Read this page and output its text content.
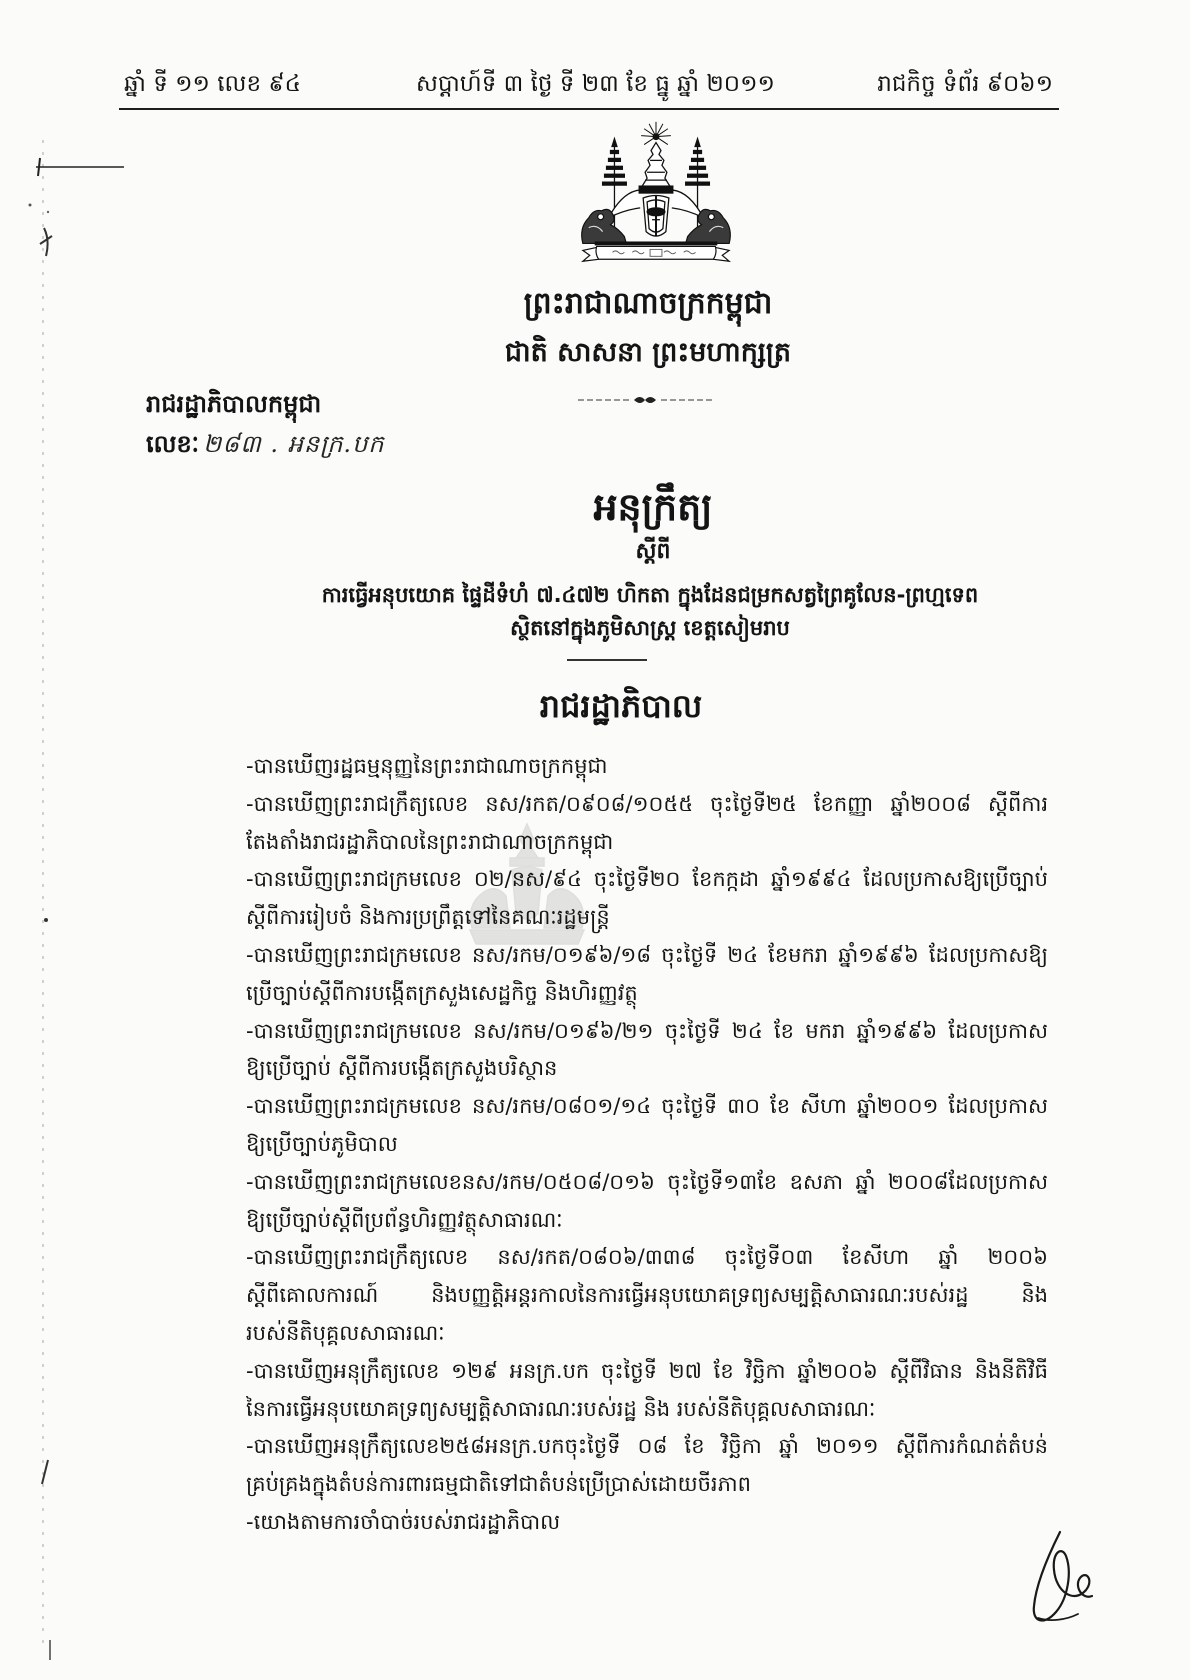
ឆ្នាំ ទី ១១ លេខ ៩៤	សប្ដាហ៍ទី ៣ ថ្ងៃ ទី ២៣ ខែ ធ្នូ ឆ្នាំ ២០១១	រាជកិច្ច ទំព័រ ៩០៦១
ព្រះរាជាណាចក្រកម្ពុជា
ជាតិ សាសនា ព្រះមហាក្សត្រ
រាជរដ្ឋាភិបាលកម្ពុជា
លេខៈ ២៨៣ . អនក្រ.បក
អនុក្រឹត្យ
ស្ដីពី
ការធ្វើអនុបយោគ ផ្ទៃដីទំហំ ៧.៤៧២ ហិកតា ក្នុងដែនជម្រកសត្វព្រៃគូលែន-ព្រហ្មទេព
ស្ថិតនៅក្នុងភូមិសាស្ត្រ ខេត្តសៀមរាប
រាជរដ្ឋាភិបាល
-បានឃើញរដ្ឋធម្មនុញ្ញនៃព្រះរាជាណាចក្រកម្ពុជា
-បានឃើញព្រះរាជក្រឹត្យលេខ នស/រកត/០៩០៨/១០៥៥ ចុះថ្ងៃទី២៥ ខែកញ្ញា ឆ្នាំ២០០៨ ស្ដីពីការ
តែងតាំងរាជរដ្ឋាភិបាលនៃព្រះរាជាណាចក្រកម្ពុជា
-បានឃើញព្រះរាជក្រមលេខ ០២/នស/៩៤ ចុះថ្ងៃទី២០ ខែកក្កដា ឆ្នាំ១៩៩៤ ដែលប្រកាសឱ្យប្រើច្បាប់
ស្ដីពីការរៀបចំ និងការប្រព្រឹត្តទៅនៃគណៈរដ្ឋមន្ត្រី
-បានឃើញព្រះរាជក្រមលេខ នស/រកម/០១៩៦/១៨ ចុះថ្ងៃទី ២៤ ខែមករា ឆ្នាំ១៩៩៦ ដែលប្រកាសឱ្យ
ប្រើច្បាប់ស្ដីពីការបង្កើតក្រសួងសេដ្ឋកិច្ច និងហិរញ្ញវត្ថុ
-បានឃើញព្រះរាជក្រមលេខ នស/រកម/០១៩៦/២១ ចុះថ្ងៃទី ២៤ ខែ មករា ឆ្នាំ១៩៩៦ ដែលប្រកាស
ឱ្យប្រើច្បាប់ ស្ដីពីការបង្កើតក្រសួងបរិស្ថាន
-បានឃើញព្រះរាជក្រមលេខ នស/រកម/០៨០១/១៤ ចុះថ្ងៃទី ៣០ ខែ សីហា ឆ្នាំ២០០១ ដែលប្រកាស
ឱ្យប្រើច្បាប់ភូមិបាល
-បានឃើញព្រះរាជក្រមលេខនស/រកម/០៥០៨/០១៦ ចុះថ្ងៃទី១៣ខែ ឧសភា ឆ្នាំ ២០០៨ដែលប្រកាស
ឱ្យប្រើច្បាប់ស្ដីពីប្រព័ន្ធហិរញ្ញវត្ថុសាធារណៈ
-បានឃើញព្រះរាជក្រឹត្យលេខ នស/រកត/០៨០៦/៣៣៨ ចុះថ្ងៃទី០៣ ខែសីហា ឆ្នាំ ២០០៦
ស្ដីពីគោលការណ៍ និងបញ្ញត្តិអន្តរកាលនៃការធ្វើអនុបយោគទ្រព្យសម្បត្តិសាធារណៈរបស់រដ្ឋ និង
របស់នីតិបុគ្គលសាធារណៈ
-បានឃើញអនុក្រឹត្យលេខ ១២៩ អនក្រ.បក ចុះថ្ងៃទី ២៧ ខែ វិច្ឆិកា ឆ្នាំ២០០៦ ស្ដីពីវិធាន និងនីតិវិធី
នៃការធ្វើអនុបយោគទ្រព្យសម្បត្តិសាធារណៈរបស់រដ្ឋ និង របស់នីតិបុគ្គលសាធារណៈ
-បានឃើញអនុក្រឹត្យលេខ២៥៨អនក្រ.បកចុះថ្ងៃទី ០៨ ខែ វិច្ឆិកា ឆ្នាំ ២០១១ ស្ដីពីការកំណត់តំបន់
គ្រប់គ្រងក្នុងតំបន់ការពារធម្មជាតិទៅជាតំបន់ប្រើប្រាស់ដោយចីរភាព
-យោងតាមការចាំបាច់របស់រាជរដ្ឋាភិបាល
